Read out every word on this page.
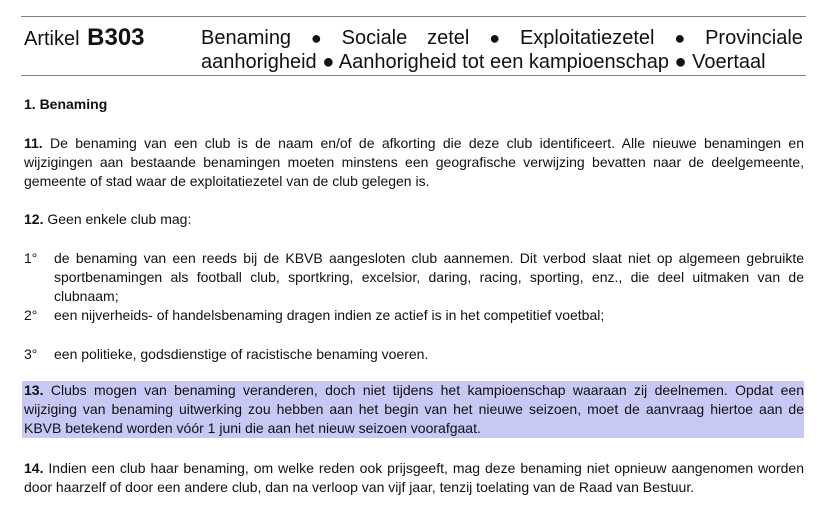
Artikel B303	Benaming ● Sociale zetel ● Exploitatiezetel ● Provinciale
aanhorigheid ● Aanhorigheid tot een kampioenschap ● Voertaal
1. Benaming
11. De benaming van een club is de naam en/of de afkorting die deze club identificeert. Alle nieuwe benamingen en wijzigingen aan bestaande benamingen moeten minstens een geografische verwijzing bevatten naar de deelgemeente, gemeente of stad waar de exploitatiezetel van de club gelegen is.
12. Geen enkele club mag:
1°	de benaming van een reeds bij de KBVB aangesloten club aannemen. Dit verbod slaat niet op algemeen gebruikte sportbenamingen als football club, sportkring, excelsior, daring, racing, sporting, enz., die deel uitmaken van de clubnaam;
2°	een nijverheids- of handelsbenaming dragen indien ze actief is in het competitief voetbal;
3°	een politieke, godsdienstige of racistische benaming voeren.
13. Clubs mogen van benaming veranderen, doch niet tijdens het kampioenschap waaraan zij deelnemen. Opdat een wijziging van benaming uitwerking zou hebben aan het begin van het nieuwe seizoen, moet de aanvraag hiertoe aan de KBVB betekend worden vóór 1 juni die aan het nieuw seizoen voorafgaat.
14. Indien een club haar benaming, om welke reden ook prijsgeeft, mag deze benaming niet opnieuw aangenomen worden door haarzelf of door een andere club, dan na verloop van vijf jaar, tenzij toelating van de Raad van Bestuur.
